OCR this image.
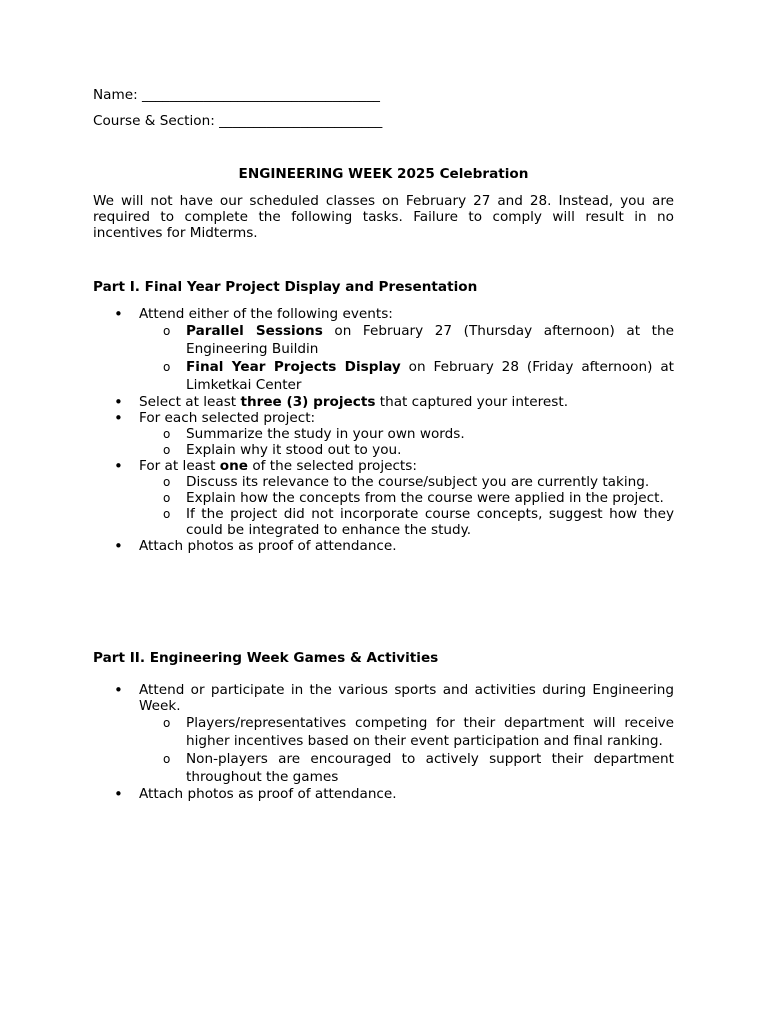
Name: ___________________________________
Course & Section: ________________________
ENGINEERING WEEK 2025 Celebration
We will not have our scheduled classes on February 27 and 28. Instead, you are required to complete the following tasks. Failure to comply will result in no incentives for Midterms.
Part I. Final Year Project Display and Presentation
• Attend either of the following events:
o Parallel Sessions on February 27 (Thursday afternoon) at the Engineering Buildin
o Final Year Projects Display on February 28 (Friday afternoon) at Limketkai Center
• Select at least three (3) projects that captured your interest.
• For each selected project:
o Summarize the study in your own words.
o Explain why it stood out to you.
• For at least one of the selected projects:
o Discuss its relevance to the course/subject you are currently taking.
o Explain how the concepts from the course were applied in the project.
o If the project did not incorporate course concepts, suggest how they could be integrated to enhance the study.
• Attach photos as proof of attendance.
Part II. Engineering Week Games & Activities
• Attend or participate in the various sports and activities during Engineering Week.
o Players/representatives competing for their department will receive higher incentives based on their event participation and final ranking.
o Non-players are encouraged to actively support their department throughout the games
• Attach photos as proof of attendance.
